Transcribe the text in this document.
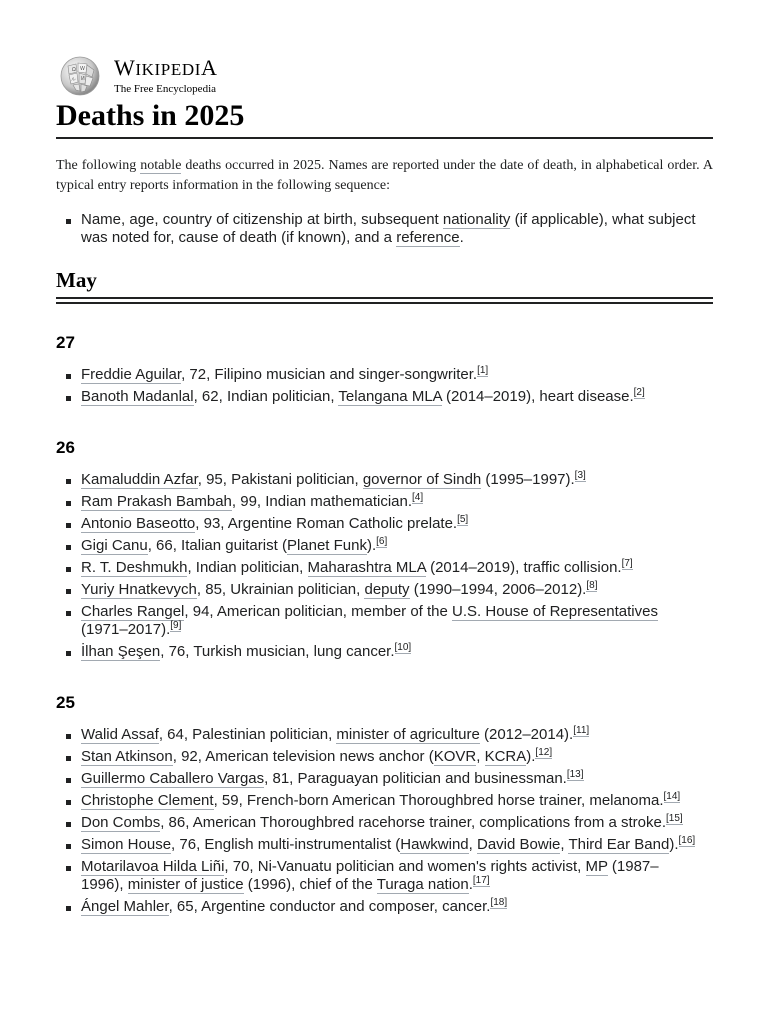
Ω W
И
ル WIKIPEDIA
The Free Encyclopedia
Deaths in 2025

The following notable deaths occurred in 2025. Names are reported under the date of death, in alphabetical order. A typical entry reports information in the following sequence:

Name, age, country of citizenship at birth, subsequent nationality (if applicable), what subject was noted for, cause of death (if known), and a reference.
May
27
Freddie Aguilar, 72, Filipino musician and singer-songwriter.[1]
Banoth Madanlal, 62, Indian politician, Telangana MLA (2014–2019), heart disease.[2]
26
Kamaluddin Azfar, 95, Pakistani politician, governor of Sindh (1995–1997).[3]
Ram Prakash Bambah, 99, Indian mathematician.[4]
Antonio Baseotto, 93, Argentine Roman Catholic prelate.[5]
Gigi Canu, 66, Italian guitarist (Planet Funk).[6]
R. T. Deshmukh, Indian politician, Maharashtra MLA (2014–2019), traffic collision.[7]
Yuriy Hnatkevych, 85, Ukrainian politician, deputy (1990–1994, 2006–2012).[8]
Charles Rangel, 94, American politician, member of the U.S. House of Representatives (1971–2017).[9]
İlhan Şeşen, 76, Turkish musician, lung cancer.[10]
25
Walid Assaf, 64, Palestinian politician, minister of agriculture (2012–2014).[11]
Stan Atkinson, 92, American television news anchor (KOVR, KCRA).[12]
Guillermo Caballero Vargas, 81, Paraguayan politician and businessman.[13]
Christophe Clement, 59, French-born American Thoroughbred horse trainer, melanoma.[14]
Don Combs, 86, American Thoroughbred racehorse trainer, complications from a stroke.[15]
Simon House, 76, English multi-instrumentalist (Hawkwind, David Bowie, Third Ear Band).[16]
Motarilavoa Hilda Liñi, 70, Ni-Vanuatu politician and women's rights activist, MP (1987–1996), minister of justice (1996), chief of the Turaga nation.[17]
Ángel Mahler, 65, Argentine conductor and composer, cancer.[18]
